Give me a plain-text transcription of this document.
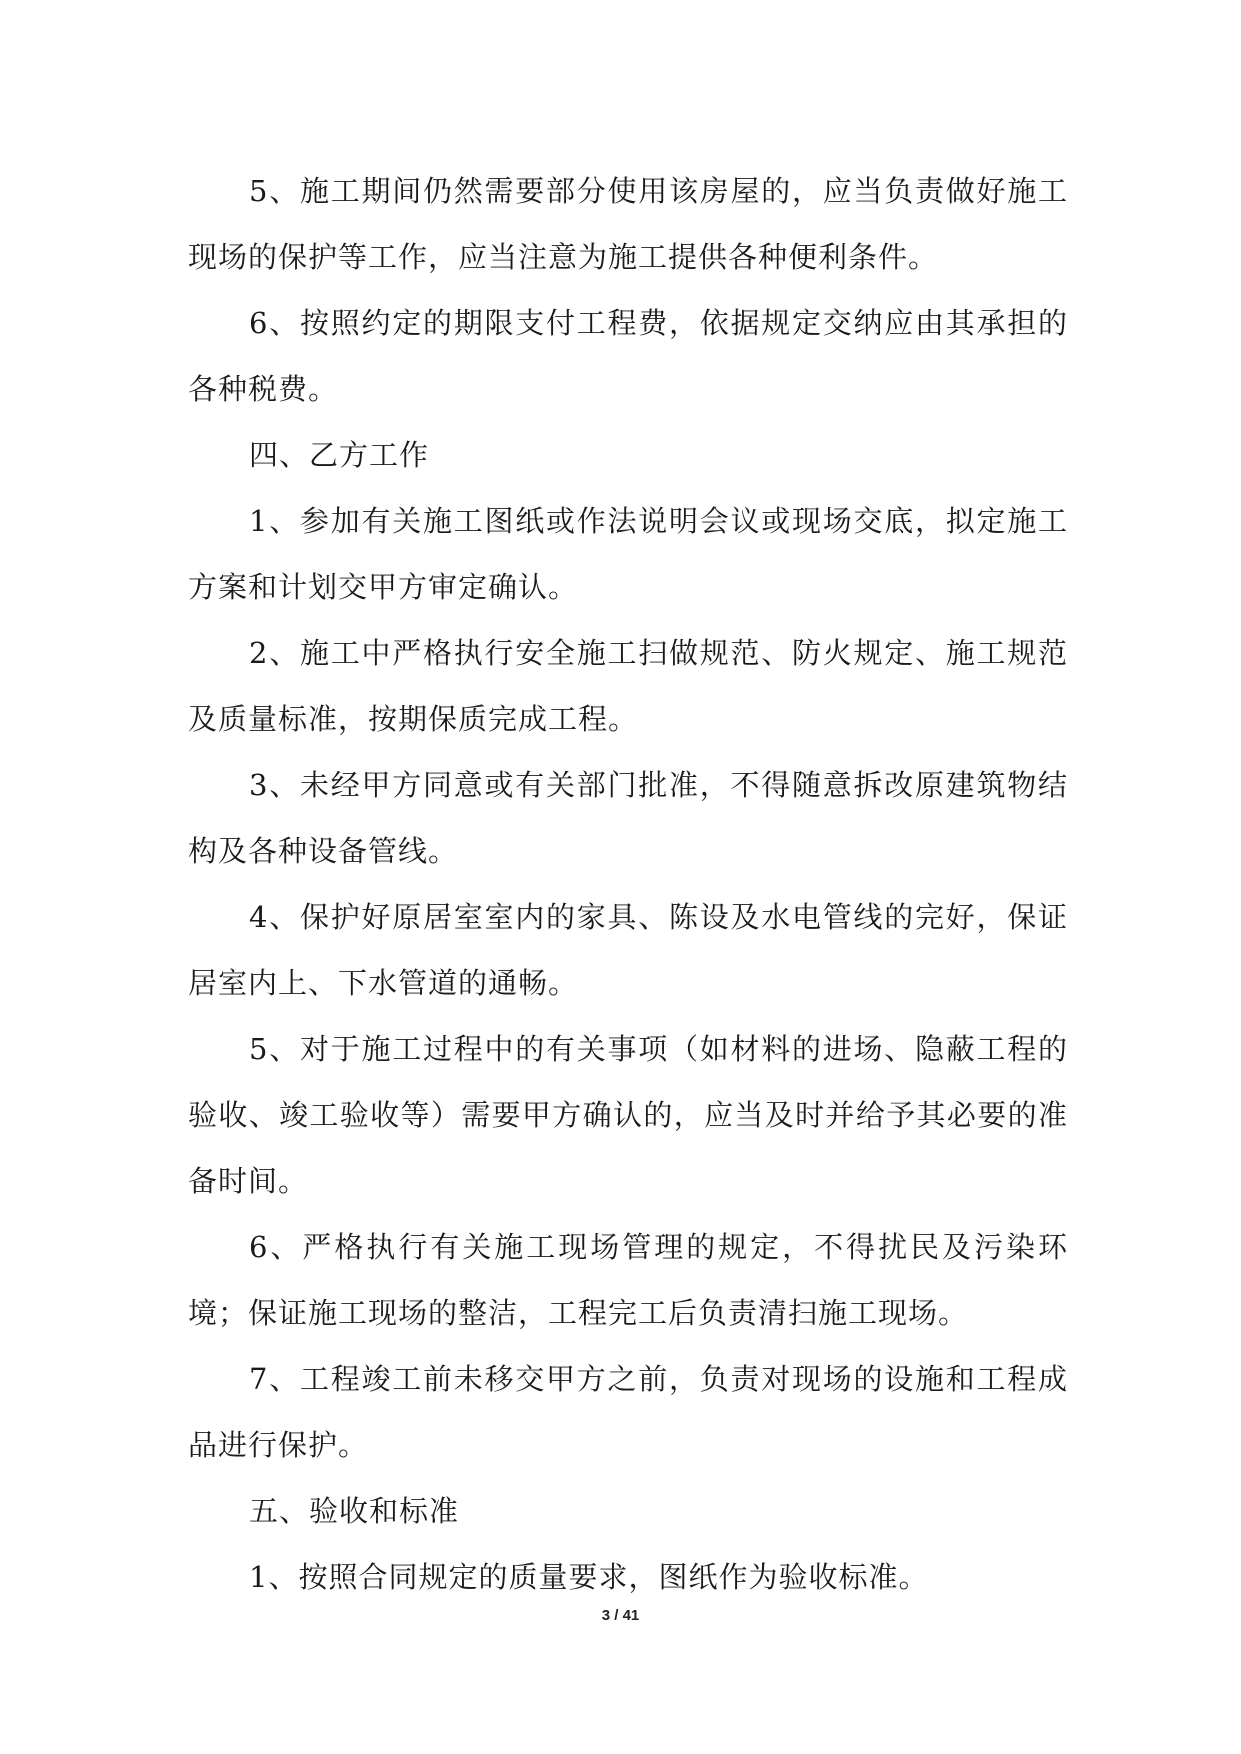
5、施工期间仍然需要部分使用该房屋的，应当负责做好施工现场的保护等工作，应当注意为施工提供各种便利条件。

6、按照约定的期限支付工程费，依据规定交纳应由其承担的各种税费。

四、乙方工作

1、参加有关施工图纸或作法说明会议或现场交底，拟定施工方案和计划交甲方审定确认。

2、施工中严格执行安全施工扫做规范、防火规定、施工规范及质量标准，按期保质完成工程。

3、未经甲方同意或有关部门批准，不得随意拆改原建筑物结构及各种设备管线。

4、保护好原居室室内的家具、陈设及水电管线的完好，保证居室内上、下水管道的通畅。

5、对于施工过程中的有关事项（如材料的进场、隐蔽工程的验收、竣工验收等）需要甲方确认的，应当及时并给予其必要的准备时间。

6、严格执行有关施工现场管理的规定，不得扰民及污染环境；保证施工现场的整洁，工程完工后负责清扫施工现场。

7、工程竣工前未移交甲方之前，负责对现场的设施和工程成品进行保护。

五、验收和标准

1、按照合同规定的质量要求，图纸作为验收标准。

3 / 41
